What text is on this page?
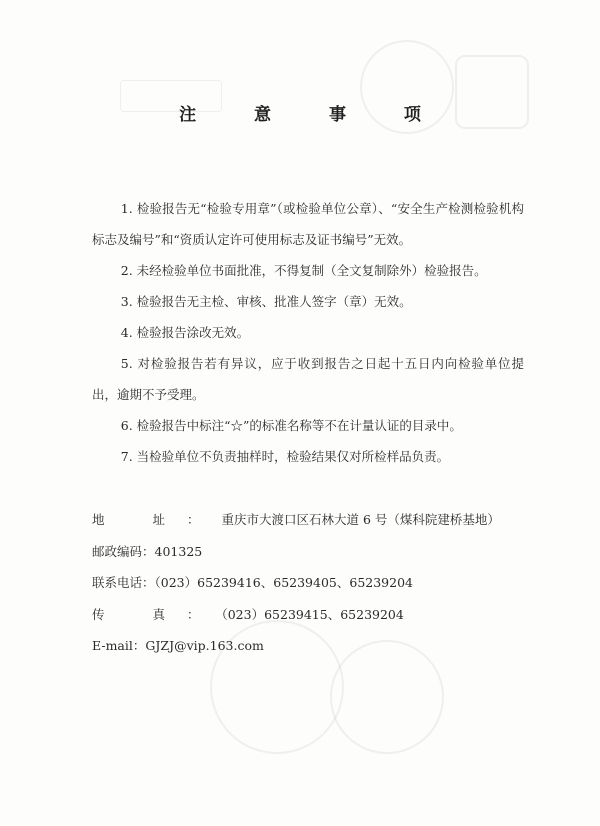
注 意 事 项

1. 检验报告无“检验专用章”（或检验单位公章）、“安全生产检测检验机构标志及编号”和“资质认定许可使用标志及证书编号”无效。

2. 未经检验单位书面批准，不得复制（全文复制除外）检验报告。

3. 检验报告无主检、审核、批准人签字（章）无效。

4. 检验报告涂改无效。

5. 对检验报告若有异议，应于收到报告之日起十五日内向检验单位提出，逾期不予受理。

6. 检验报告中标注“☆”的标准名称等不在计量认证的目录中。

7. 当检验单位不负责抽样时，检验结果仅对所检样品负责。

地 址：重庆市大渡口区石林大道 6 号（煤科院建桥基地）

邮政编码：401325

联系电话：（023）65239416、65239405、65239204

传 真：（023）65239415、65239204

E-mail：GJZJ@vip.163.com
